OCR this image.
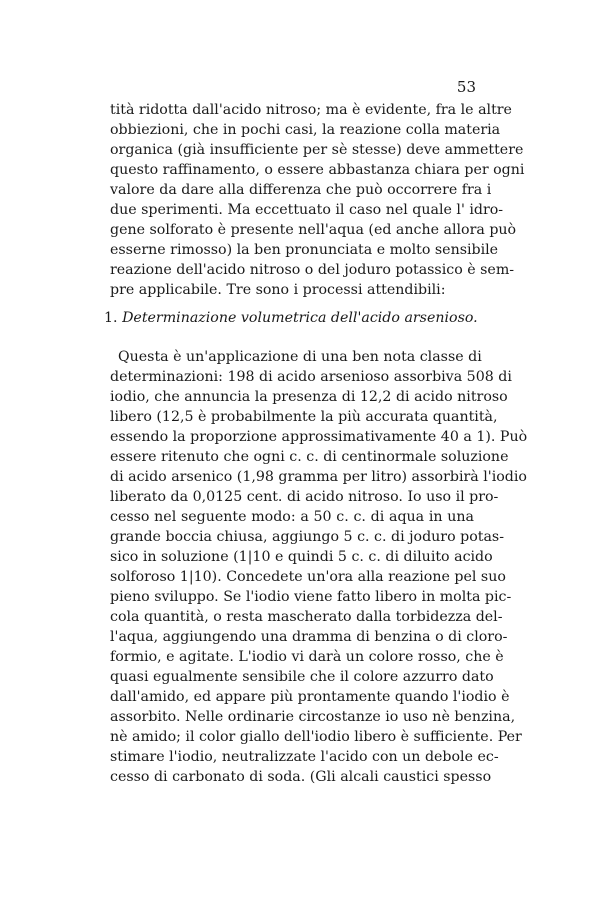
53
tità ridotta dall'acido nitroso; ma è evidente, fra le altre
obbiezioni, che in pochi casi, la reazione colla materia
organica (già insufficiente per sè stesse) deve ammettere
questo raffinamento, o essere abbastanza chiara per ogni
valore da dare alla differenza che può occorrere fra i
due sperimenti. Ma eccettuato il caso nel quale l' idro-
gene solforato è presente nell'aqua (ed anche allora può
esserne rimosso) la ben pronunciata e molto sensibile
reazione dell'acido nitroso o del joduro potassico è sem-
pre applicabile. Tre sono i processi attendibili:
1. Determinazione volumetrica dell'acido arsenioso.
Questa è un'applicazione di una ben nota classe di
determinazioni: 198 di acido arsenioso assorbiva 508 di
iodio, che annuncia la presenza di 12,2 di acido nitroso
libero (12,5 è probabilmente la più accurata quantità,
essendo la proporzione approssimativamente 40 a 1). Può
essere ritenuto che ogni c. c. di centinormale soluzione
di acido arsenico (1,98 gramma per litro) assorbirà l'iodio
liberato da 0,0125 cent. di acido nitroso. Io uso il pro-
cesso nel seguente modo: a 50 c. c. di aqua in una
grande boccia chiusa, aggiungo 5 c. c. di joduro potas-
sico in soluzione (1|10 e quindi 5 c. c. di diluito acido
solforoso 1|10). Concedete un'ora alla reazione pel suo
pieno sviluppo. Se l'iodio viene fatto libero in molta pic-
cola quantità, o resta mascherato dalla torbidezza del-
l'aqua, aggiungendo una dramma di benzina o di cloro-
formio, e agitate. L'iodio vi darà un colore rosso, che è
quasi egualmente sensibile che il colore azzurro dato
dall'amido, ed appare più prontamente quando l'iodio è
assorbito. Nelle ordinarie circostanze io uso nè benzina,
nè amido; il color giallo dell'iodio libero è sufficiente. Per
stimare l'iodio, neutralizzate l'acido con un debole ec-
cesso di carbonato di soda. (Gli alcali caustici spesso
